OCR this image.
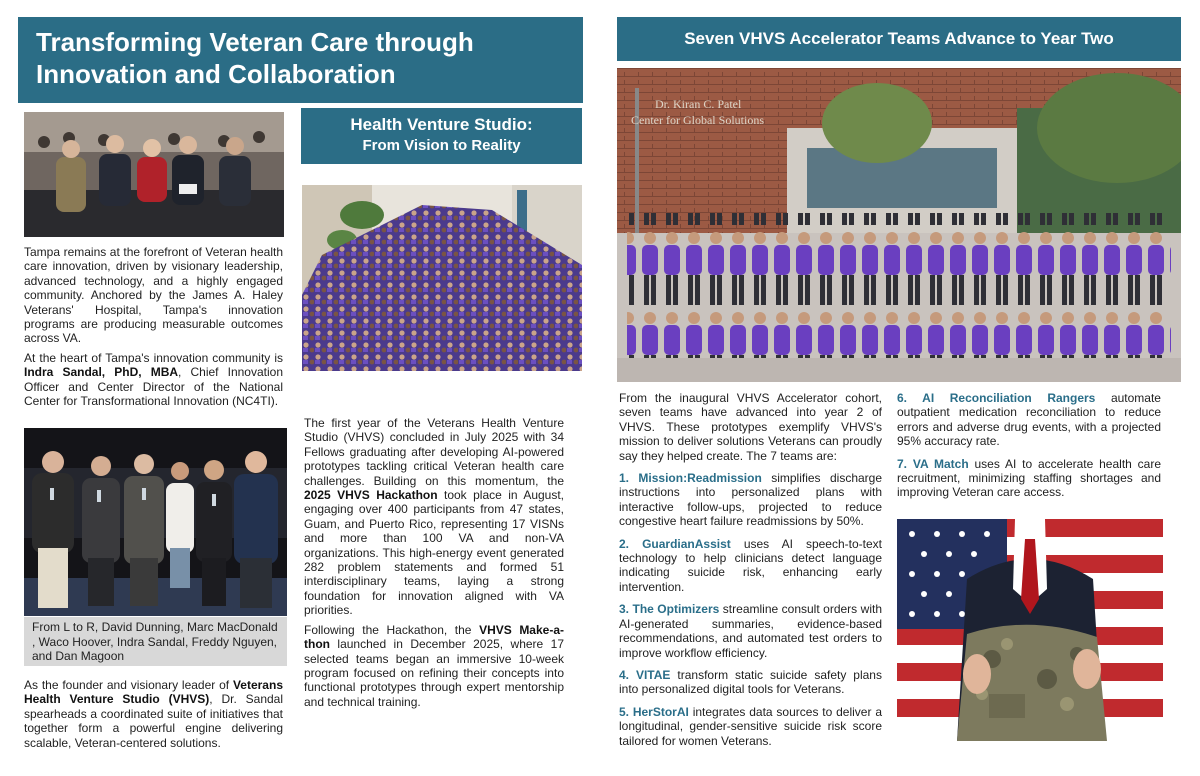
Transforming Veteran Care through Innovation and Collaboration
Health Venture Studio:
From Vision to Reality
Seven VHVS Accelerator Teams Advance to Year Two

Tampa remains at the forefront of Veteran health care innovation, driven by visionary leadership, advanced technology, and a highly engaged community. Anchored by the James A. Haley Veterans' Hospital, Tampa's innovation programs are producing measurable outcomes across VA.

At the heart of Tampa's innovation community is Indra Sandal, PhD, MBA, Chief Innovation Officer and Center Director of the National Center for Transformational Innovation (NC4TI).

From L to R, David Dunning, Marc MacDonald , Waco Hoover, Indra Sandal, Freddy Nguyen, and Dan Magoon

As the founder and visionary leader of Veterans Health Venture Studio (VHVS), Dr. Sandal spearheads a coordinated suite of initiatives that together form a powerful engine delivering scalable, Veteran-centered solutions.

The first year of the Veterans Health Venture Studio (VHVS) concluded in July 2025 with 34 Fellows graduating after developing AI-powered prototypes tackling critical Veteran health care challenges. Building on this momentum, the 2025 VHVS Hackathon took place in August, engaging over 400 participants from 47 states, Guam, and Puerto Rico, representing 17 VISNs and more than 100 VA and non-VA organizations. This high-energy event generated 282 problem statements and formed 51 interdisciplinary teams, laying a strong foundation for innovation aligned with VA priorities.

Following the Hackathon, the VHVS Make-a-thon launched in December 2025, where 17 selected teams began an immersive 10-week program focused on refining their concepts into functional prototypes through expert mentorship and technical training.

Dr. Kiran C. Patel
Center for Global Solutions

From the inaugural VHVS Accelerator cohort, seven teams have advanced into year 2 of VHVS. These prototypes exemplify VHVS's mission to deliver solutions Veterans can proudly say they helped create. The 7 teams are:

1. Mission:Readmission simplifies discharge instructions into personalized plans with interactive follow-ups, projected to reduce congestive heart failure readmissions by 50%.

2. GuardianAssist uses AI speech-to-text technology to help clinicians detect language indicating suicide risk, enhancing early intervention.

3. The Optimizers streamline consult orders with AI-generated summaries, evidence-based recommendations, and automated test orders to improve workflow efficiency.

4. VITAE transform static suicide safety plans into personalized digital tools for Veterans.

5. HerStorAI integrates data sources to deliver a longitudinal, gender-sensitive suicide risk score tailored for women Veterans.

6. AI Reconciliation Rangers automate outpatient medication reconciliation to reduce errors and adverse drug events, with a projected 95% accuracy rate.

7. VA Match uses AI to accelerate health care recruitment, minimizing staffing shortages and improving Veteran care access.
